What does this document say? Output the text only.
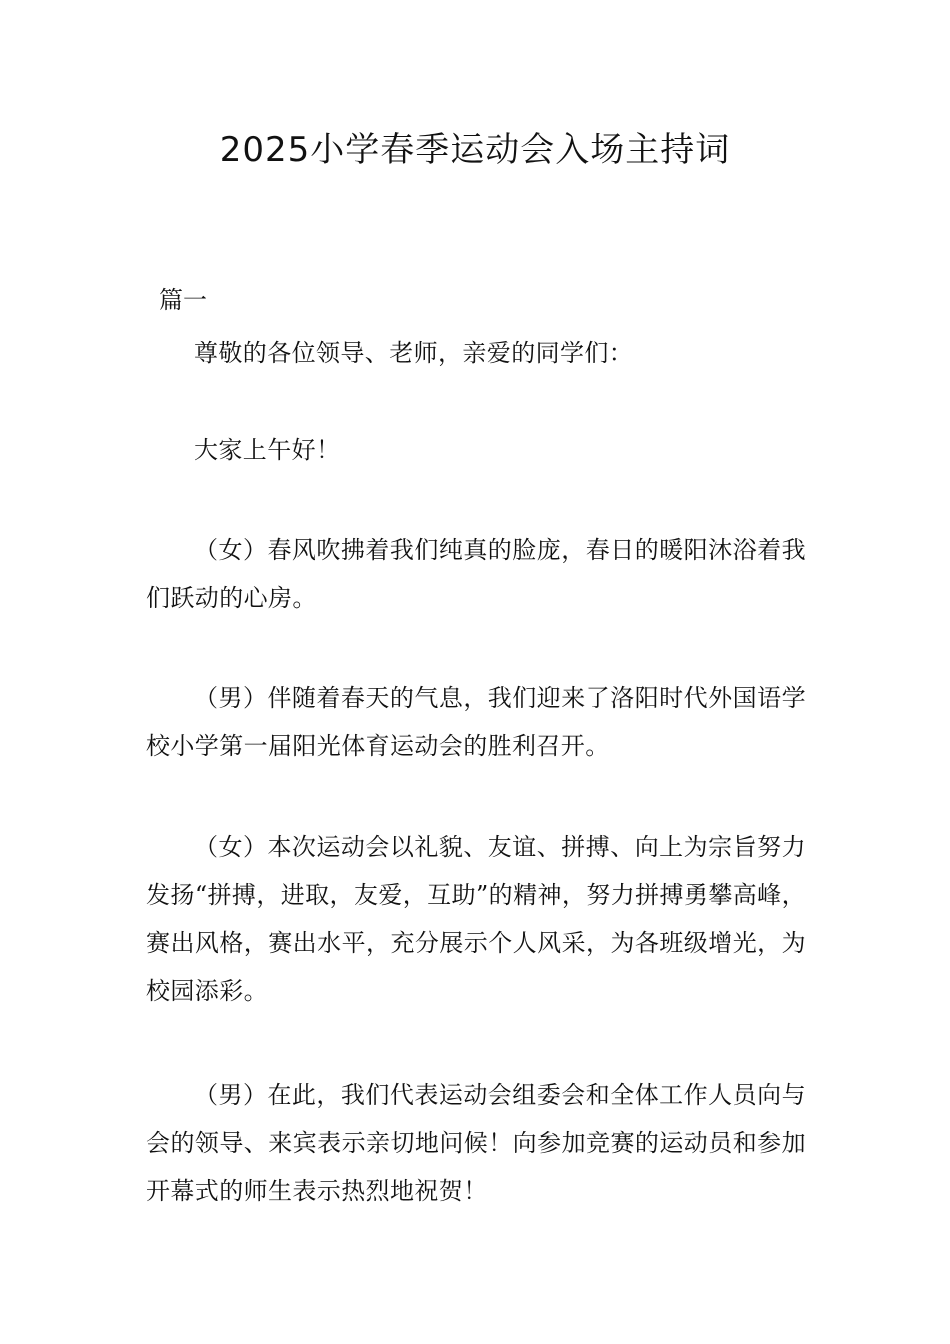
2025小学春季运动会入场主持词

篇一

尊敬的各位领导、老师，亲爱的同学们：

大家上午好！

（女）春风吹拂着我们纯真的脸庞，春日的暖阳沐浴着我们跃动的心房。

（男）伴随着春天的气息，我们迎来了洛阳时代外国语学校小学第一届阳光体育运动会的胜利召开。

（女）本次运动会以礼貌、友谊、拼搏、向上为宗旨努力发扬“拼搏，进取，友爱，互助”的精神，努力拼搏勇攀高峰，赛出风格，赛出水平，充分展示个人风采，为各班级增光，为校园添彩。

（男）在此，我们代表运动会组委会和全体工作人员向与会的领导、来宾表示亲切地问候！向参加竞赛的运动员和参加开幕式的师生表示热烈地祝贺！
